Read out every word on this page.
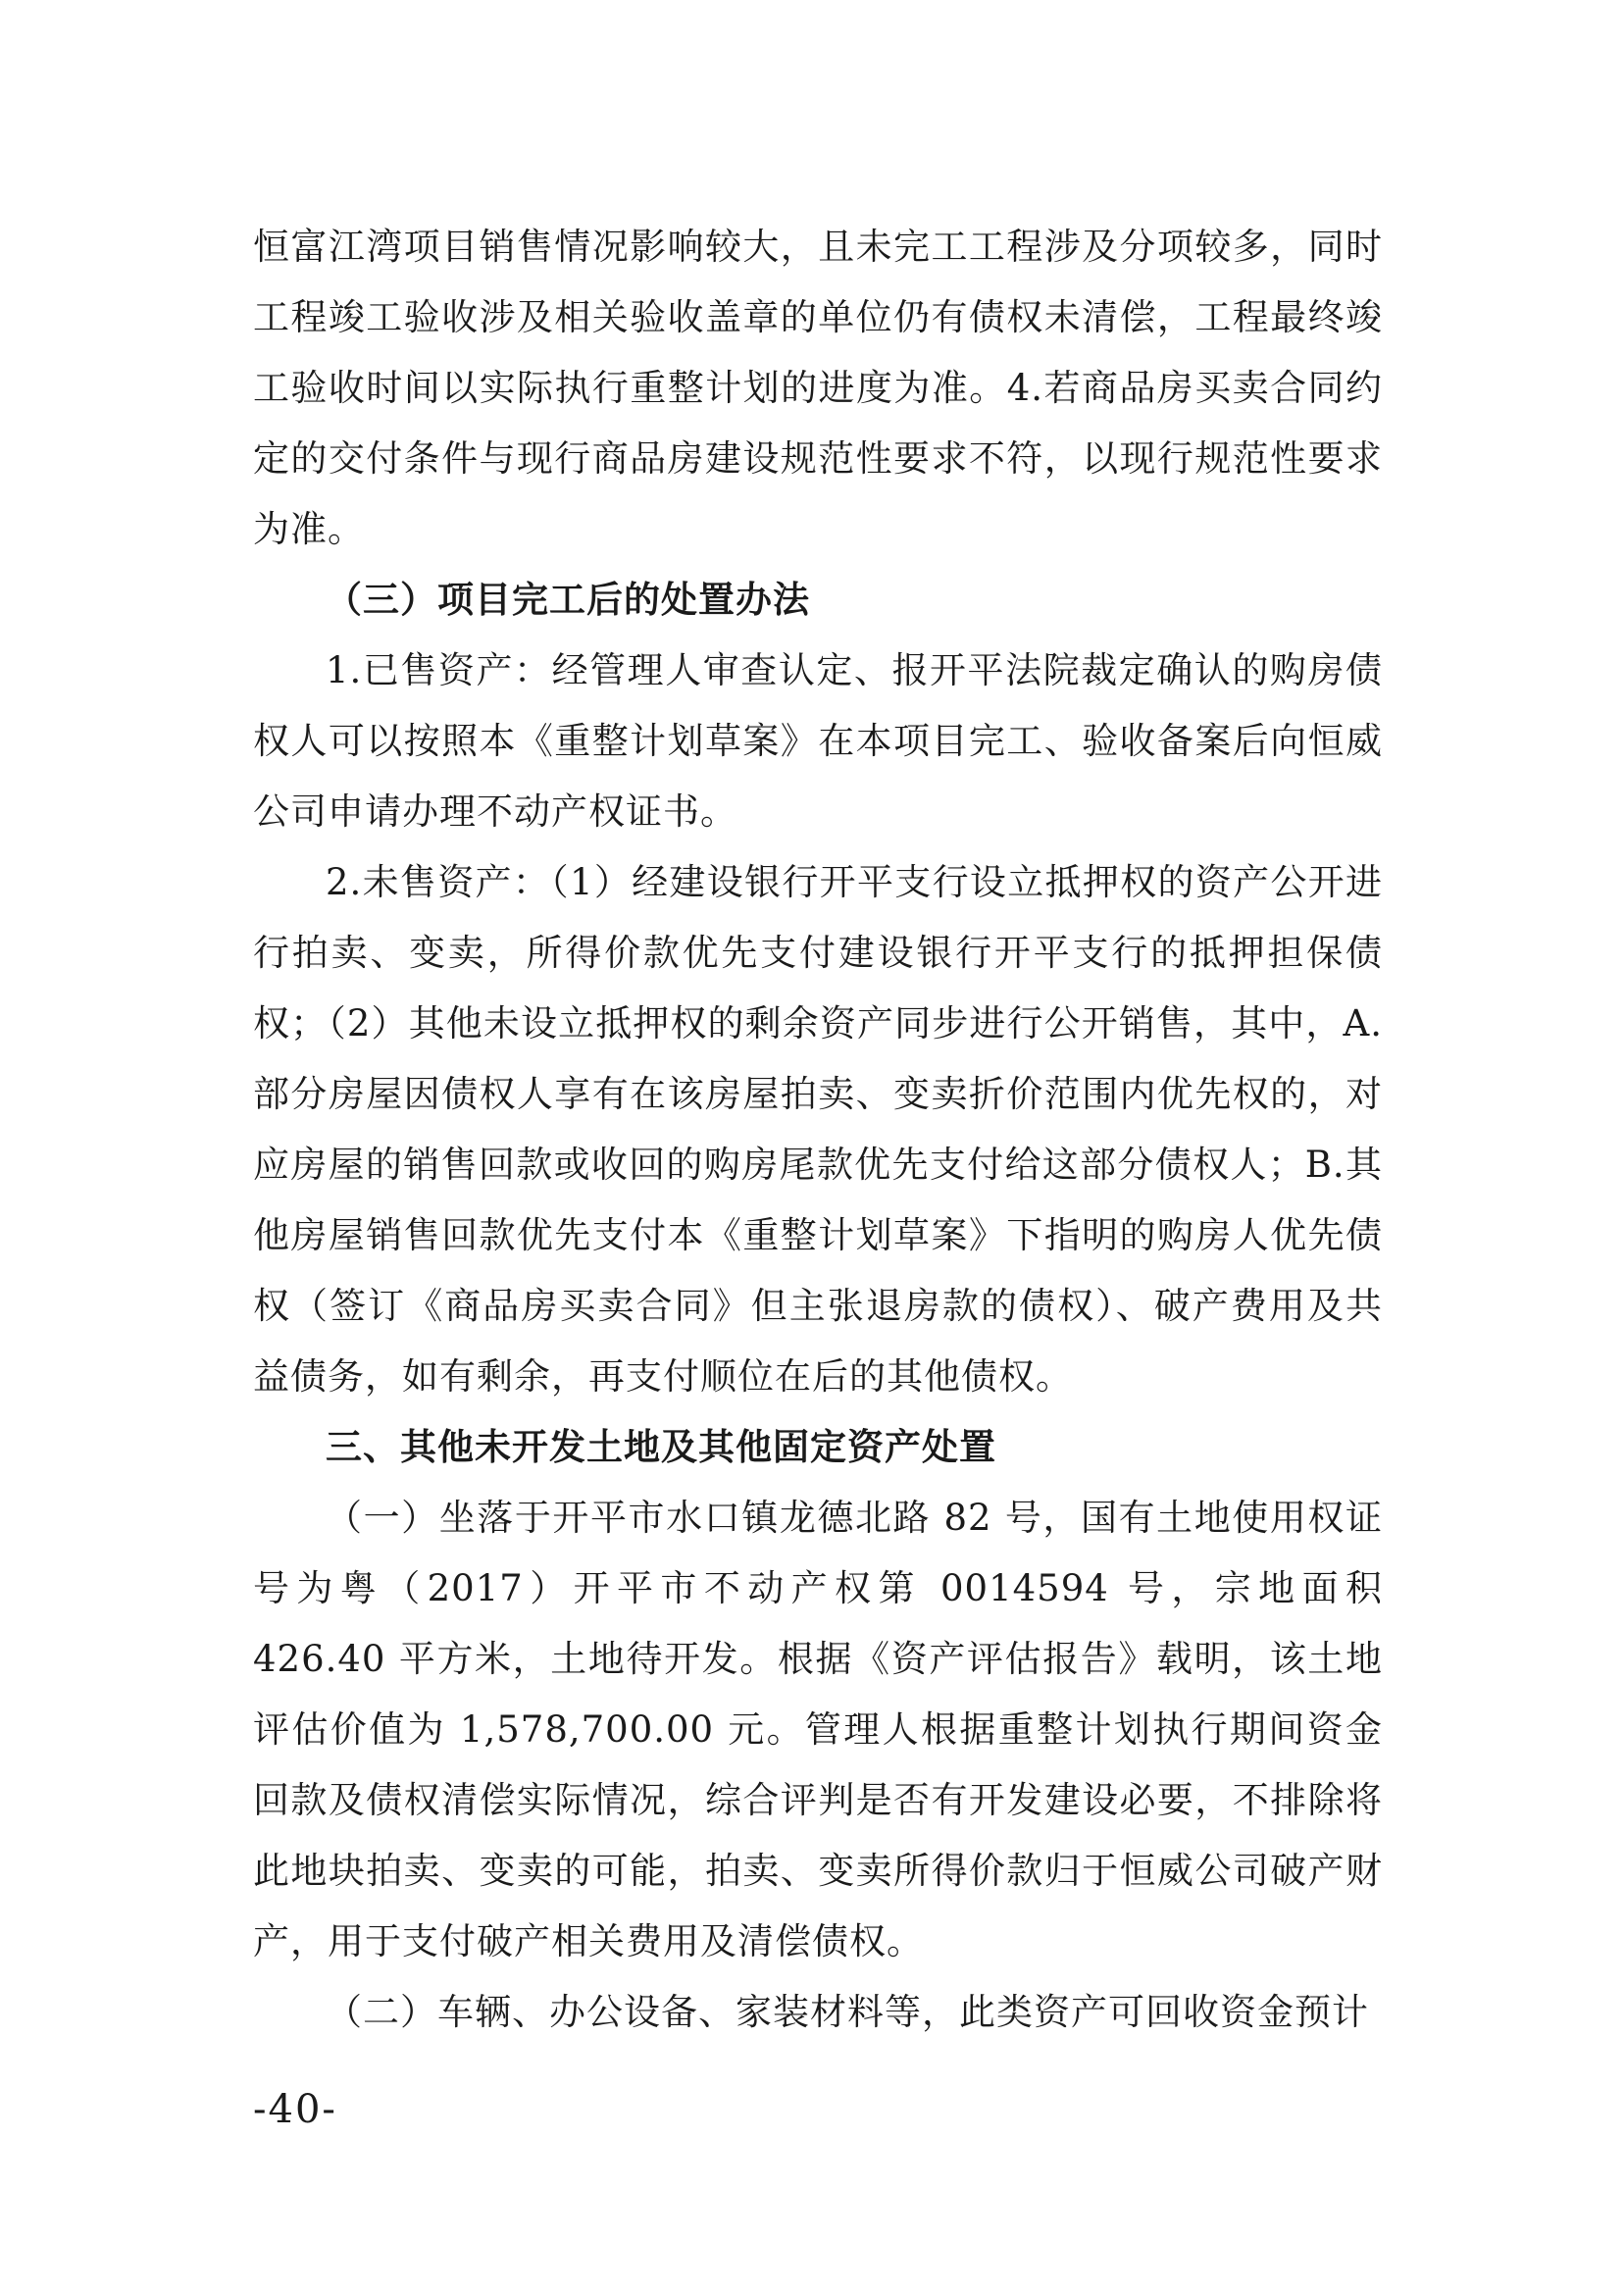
恒富江湾项目销售情况影响较大，且未完工工程涉及分项较多，同时工程竣工验收涉及相关验收盖章的单位仍有债权未清偿，工程最终竣工验收时间以实际执行重整计划的进度为准。4.若商品房买卖合同约定的交付条件与现行商品房建设规范性要求不符，以现行规范性要求为准。

（三）项目完工后的处置办法

1.已售资产：经管理人审查认定、报开平法院裁定确认的购房债权人可以按照本《重整计划草案》在本项目完工、验收备案后向恒威公司申请办理不动产权证书。

2.未售资产：（1）经建设银行开平支行设立抵押权的资产公开进行拍卖、变卖，所得价款优先支付建设银行开平支行的抵押担保债权；（2）其他未设立抵押权的剩余资产同步进行公开销售，其中，A.部分房屋因债权人享有在该房屋拍卖、变卖折价范围内优先权的，对应房屋的销售回款或收回的购房尾款优先支付给这部分债权人；B.其他房屋销售回款优先支付本《重整计划草案》下指明的购房人优先债权（签订《商品房买卖合同》但主张退房款的债权）、破产费用及共益债务，如有剩余，再支付顺位在后的其他债权。

三、其他未开发土地及其他固定资产处置

（一）坐落于开平市水口镇龙德北路 82 号，国有土地使用权证号为粤（2017）开平市不动产权第 0014594 号，宗地面积 426.40 平方米，土地待开发。根据《资产评估报告》载明，该土地评估价值为 1,578,700.00 元。管理人根据重整计划执行期间资金回款及债权清偿实际情况，综合评判是否有开发建设必要，不排除将此地块拍卖、变卖的可能，拍卖、变卖所得价款归于恒威公司破产财产，用于支付破产相关费用及清偿债权。

（二）车辆、办公设备、家装材料等，此类资产可回收资金预计

-40-
